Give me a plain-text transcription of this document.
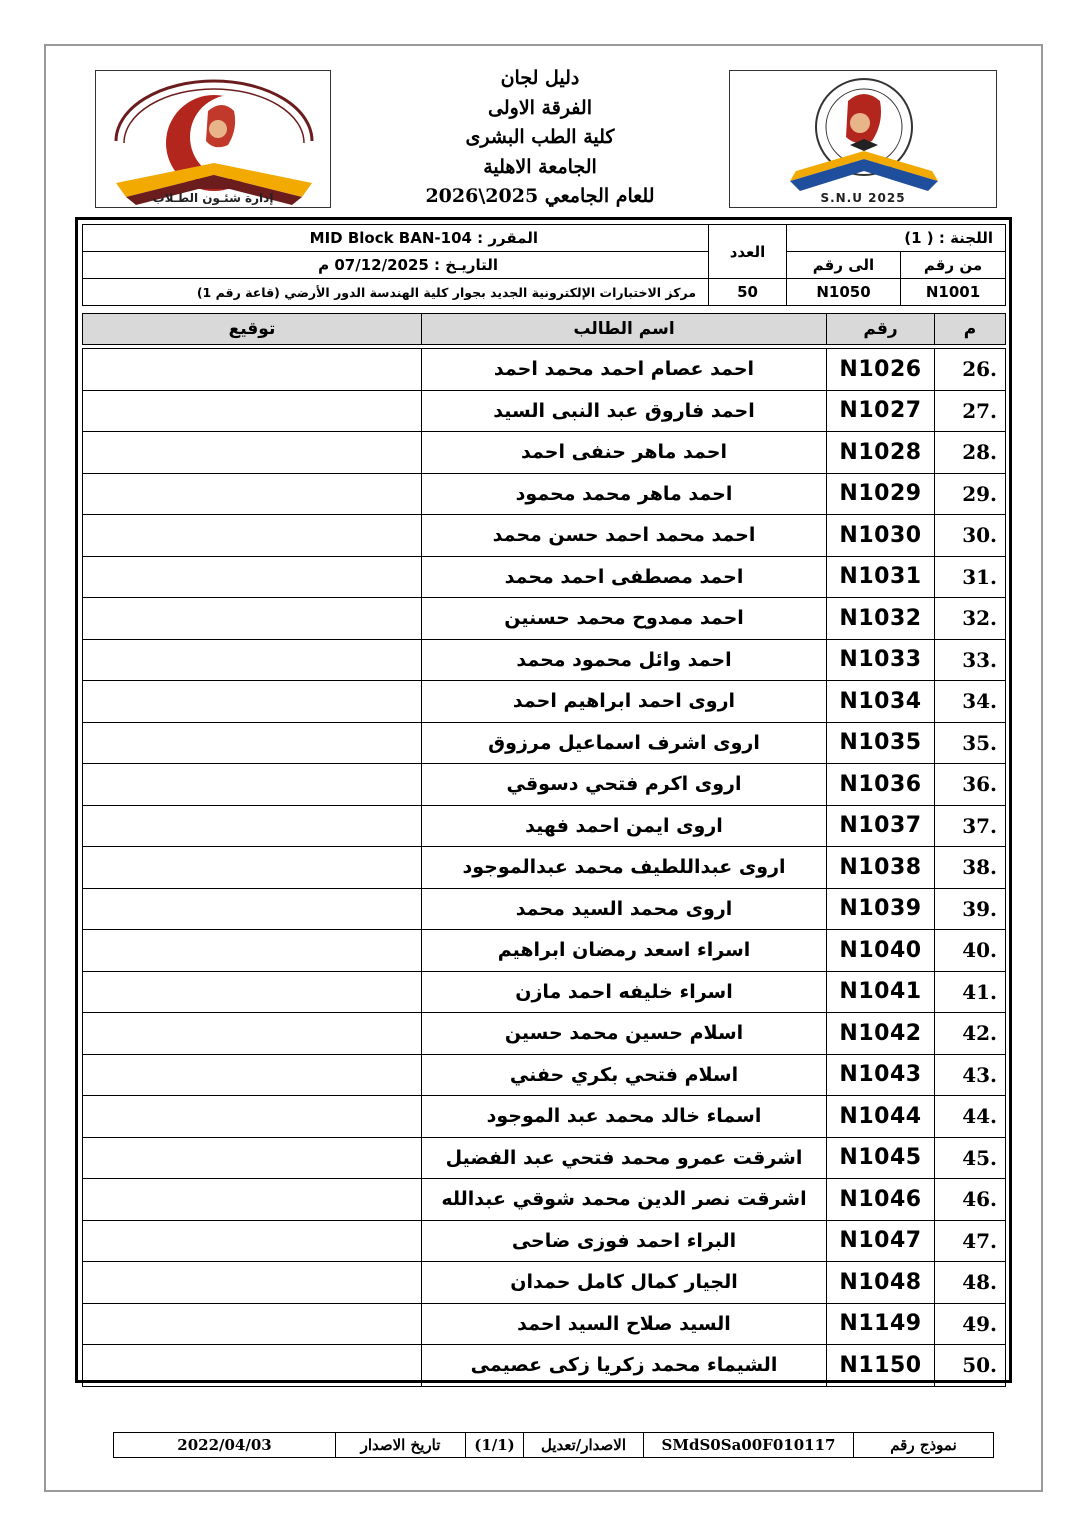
إدارة شئـون الطـلاب	S.N.U 2025
دليل لجان
الفرقة الاولى
كلية الطب البشرى
الجامعة الاهلية
للعام الجامعي 2025\2026
اللجنة : ( 1)		العدد	المقرر : MID Block BAN-104
من رقم	الى رقم		التاريـخ : 07/12/2025 م
N1001	N1050	50	مركز الاختبارات الإلكترونية الجديد بجوار كلية الهندسة الدور الأرضي (قاعة رقم 1)
م	رقم	اسم الطالب	توقيع

26.	N1026	احمد عصام احمد محمد احمد	
27.	N1027	احمد فاروق عبد النبى السيد	
28.	N1028	احمد ماهر حنفى احمد	
29.	N1029	احمد ماهر محمد محمود	
30.	N1030	احمد محمد احمد حسن محمد	
31.	N1031	احمد مصطفى احمد محمد	
32.	N1032	احمد ممدوح محمد حسنين	
33.	N1033	احمد وائل محمود محمد	
34.	N1034	اروى احمد ابراهيم احمد	
35.	N1035	اروى اشرف اسماعيل مرزوق	
36.	N1036	اروى اكرم فتحي دسوقي	
37.	N1037	اروى ايمن احمد فهيد	
38.	N1038	اروى عبداللطيف محمد عبدالموجود	
39.	N1039	اروى محمد السيد محمد	
40.	N1040	اسراء اسعد رمضان ابراهيم	
41.	N1041	اسراء خليفه احمد مازن	
42.	N1042	اسلام حسين محمد حسين	
43.	N1043	اسلام فتحي بكري حفني	
44.	N1044	اسماء خالد محمد عبد الموجود	
45.	N1045	اشرقت عمرو محمد فتحي عبد الفضيل	
46.	N1046	اشرقت نصر الدين محمد شوقي عبدالله	
47.	N1047	البراء احمد فوزى ضاحى	
48.	N1048	الجيار كمال كامل حمدان	
49.	N1149	السيد صلاح السيد احمد	
50.	N1150	الشيماء محمد زكريا زكى عصيمى	
نموذج رقم	SMdS0Sa00F010117	الاصدار/تعديل	(1/1)	تاريخ الاصدار	2022/04/03
